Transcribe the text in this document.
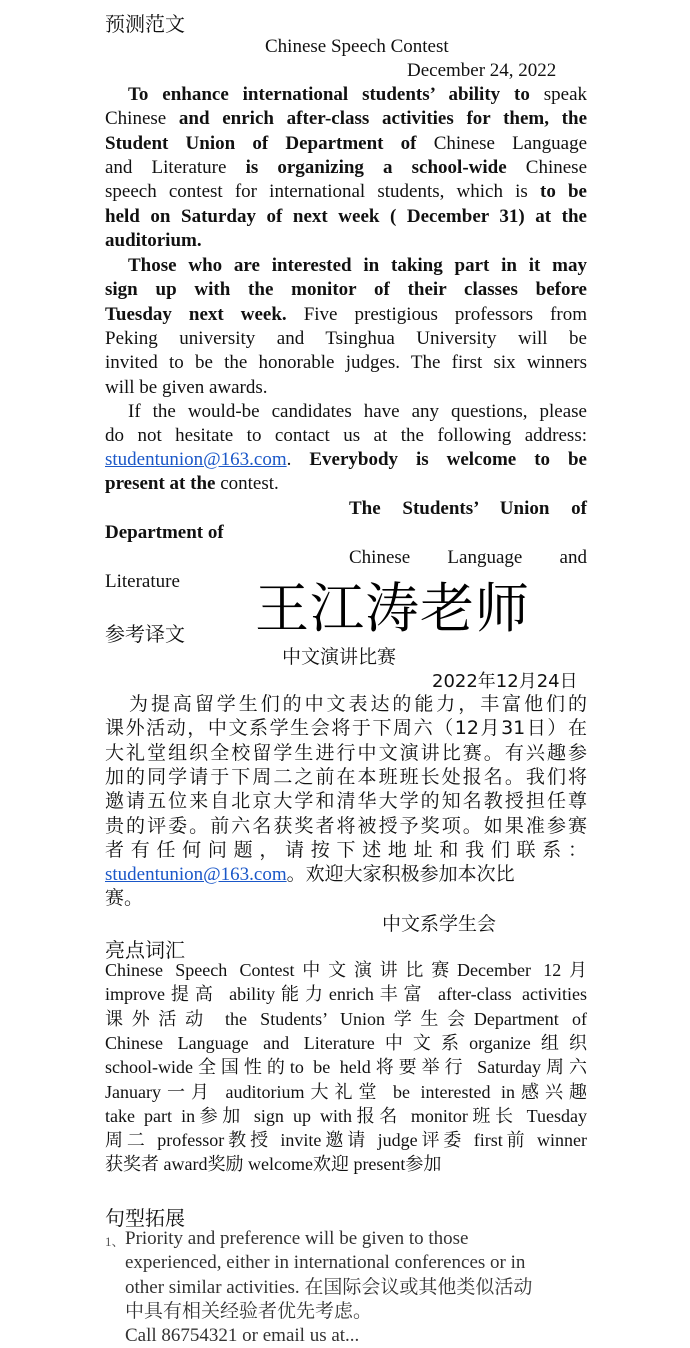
预测范文
Chinese Speech Contest
December 24, 2022
To enhance international students’ ability to speak
Chinese and enrich after-class activities for them, the
Student Union of Department of Chinese Language
and Literature is organizing a school-wide Chinese
speech contest for international students, which is to be
held on Saturday of next week ( December 31) at the
auditorium.
Those who are interested in taking part in it may
sign up with the monitor of their classes before
Tuesday next week. Five prestigious professors from
Peking university and Tsinghua University will be
invited to be the honorable judges. The first six winners
will be given awards.
If the would-be candidates have any questions, please
do not hesitate to contact us at the following address:
studentunion@163.com. Everybody is welcome to be
present at the contest.
The Students’ Union of
Department of
Chinese Language and
Literature	王江涛老师
参考译文
中文演讲比赛
2022年12月24日
为提高留学生们的中文表达的能力，丰富他们的
课外活动，中文系学生会将于下周六（12月31日）在
大礼堂组织全校留学生进行中文演讲比赛。有兴趣参
加的同学请于下周二之前在本班班长处报名。我们将
邀请五位来自北京大学和清华大学的知名教授担任尊
贵的评委。前六名获奖者将被授予奖项。如果准参赛
者有任何问题，请按下述地址和我们联系：
studentunion@163.com。欢迎大家积极参加本次比
赛。
中文系学生会
亮点词汇
Chinese Speech Contest中文演讲比赛December 12月
improve提高 ability能力enrich丰富 after-class activities
课外活动 the Students’ Union学生会Department of
Chinese Language and Literature中文系organize组织
school-wide全国性的to be held将要举行 Saturday周六
January一月 auditorium大礼堂 be interested in感兴趣
take part in参加 sign up with报名 monitor班长 Tuesday
周二 professor教授 invite邀请 judge评委 first前 winner
获奖者 award奖励 welcome欢迎 present参加
句型拓展
1、 Priority and preference will be given to those
experienced, either in international conferences or in
other similar activities. 在国际会议或其他类似活动
中具有相关经验者优先考虑。
Call 86754321 or email us at...
